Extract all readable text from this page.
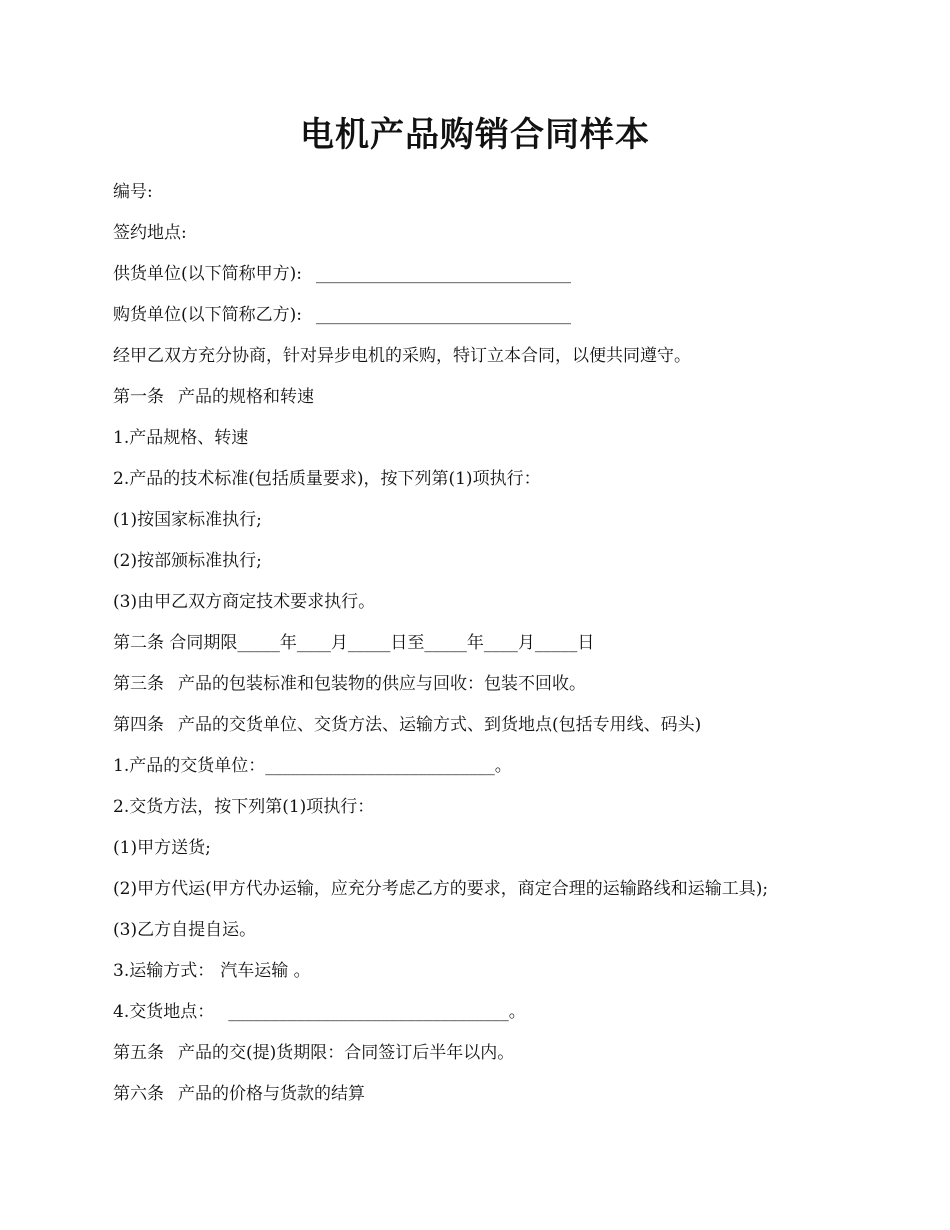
电机产品购销合同样本
编号:
签约地点:
供货单位(以下简称甲方): ______________________________
购货单位(以下简称乙方): ______________________________
经甲乙双方充分协商，针对异步电机的采购，特订立本合同，以便共同遵守。
第一条 产品的规格和转速
1.产品规格、转速
2.产品的技术标准(包括质量要求)，按下列第(1)项执行：
(1)按国家标准执行;
(2)按部颁标准执行;
(3)由甲乙双方商定技术要求执行。
第二条 合同期限_____年____月_____日至_____年____月_____日
第三条 产品的包装标准和包装物的供应与回收：包装不回收。
第四条 产品的交货单位、交货方法、运输方式、到货地点(包括专用线、码头)
1.产品的交货单位：___________________________。
2.交货方法，按下列第(1)项执行：
(1)甲方送货;
(2)甲方代运(甲方代办运输，应充分考虑乙方的要求，商定合理的运输路线和运输工具);
(3)乙方自提自运。
3.运输方式： 汽车运输 。
4.交货地点： _________________________________。
第五条 产品的交(提)货期限：合同签订后半年以内。
第六条 产品的价格与货款的结算
